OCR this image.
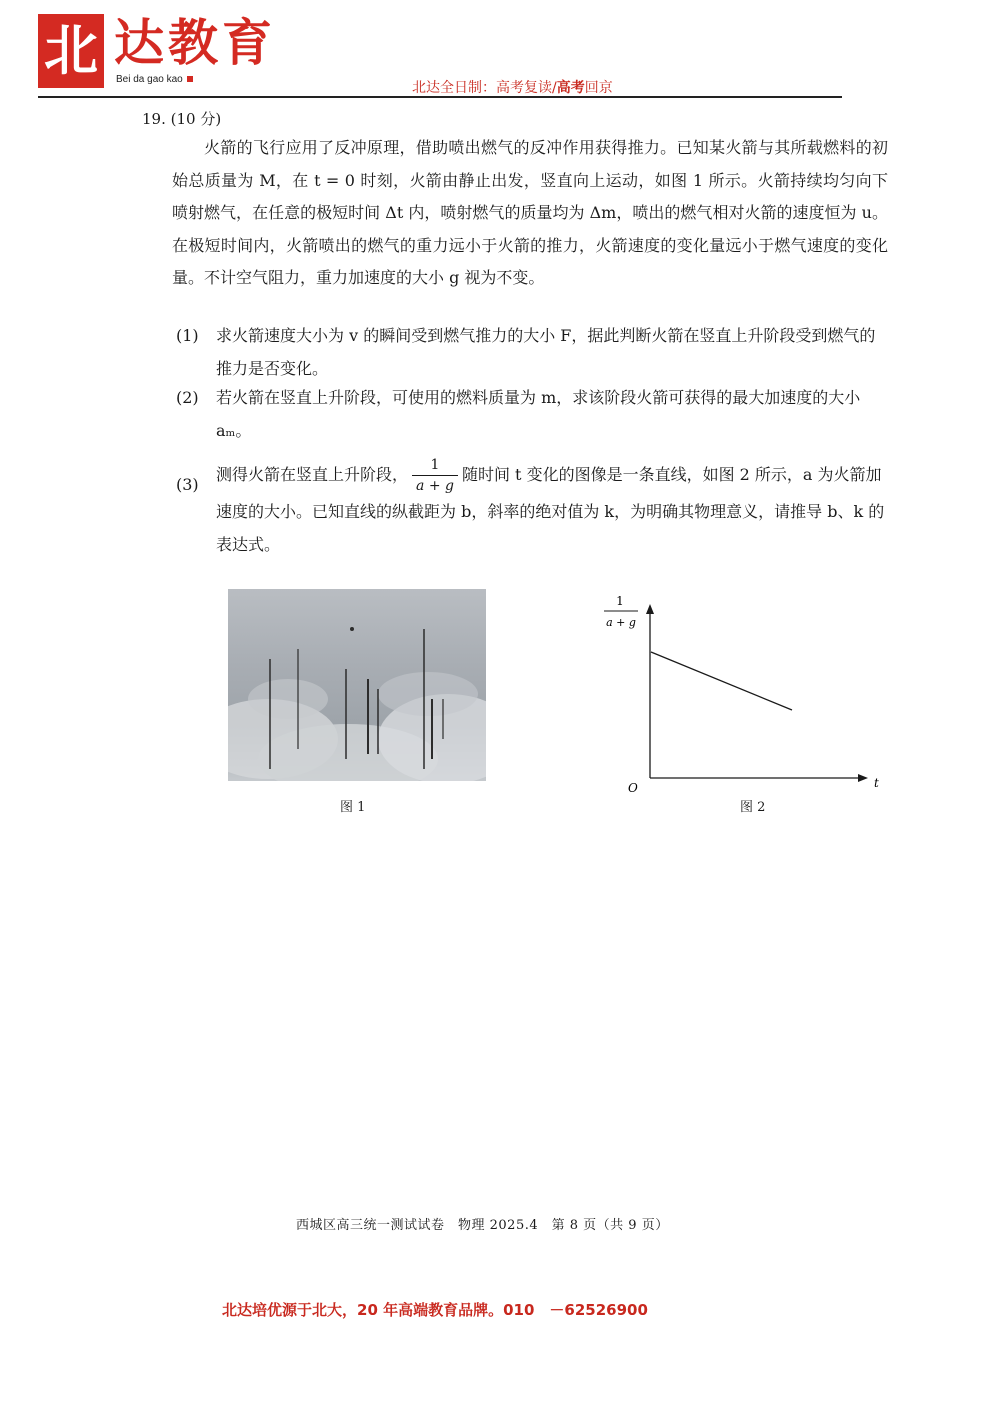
北 达教育
Bei da gao kao
北达全日制：高考复读/高考回京
19. (10 分)
火箭的飞行应用了反冲原理，借助喷出燃气的反冲作用获得推力。已知某火箭与其所载燃料的初始总质量为 M，在 t = 0 时刻，火箭由静止出发，竖直向上运动，如图 1 所示。火箭持续均匀向下喷射燃气，在任意的极短时间 Δt 内，喷射燃气的质量均为 Δm，喷出的燃气相对火箭的速度恒为 u。在极短时间内，火箭喷出的燃气的重力远小于火箭的推力，火箭速度的变化量远小于燃气速度的变化量。不计空气阻力，重力加速度的大小 g 视为不变。
(1)	求火箭速度大小为 v 的瞬间受到燃气推力的大小 F，据此判断火箭在竖直上升阶段受到燃气的推力是否变化。
(2)	若火箭在竖直上升阶段，可使用的燃料质量为 m，求该阶段火箭可获得的最大加速度的大小 aₘ。
(3)
测得火箭在竖直上升阶段， $\frac{1}{a + g}$ 随时间 t 变化的图像是一条直线，如图 2 所示，a 为火箭加速度的大小。已知直线的纵截距为 b，斜率的绝对值为 k，为明确其物理意义，请推导 b、k 的表达式。
图 1
1
a + g
t
O
图 2
西城区高三统一测试试卷　物理 2025.4　第 8 页（共 9 页）
北达培优源于北大，20 年高端教育品牌。010　－62526900
